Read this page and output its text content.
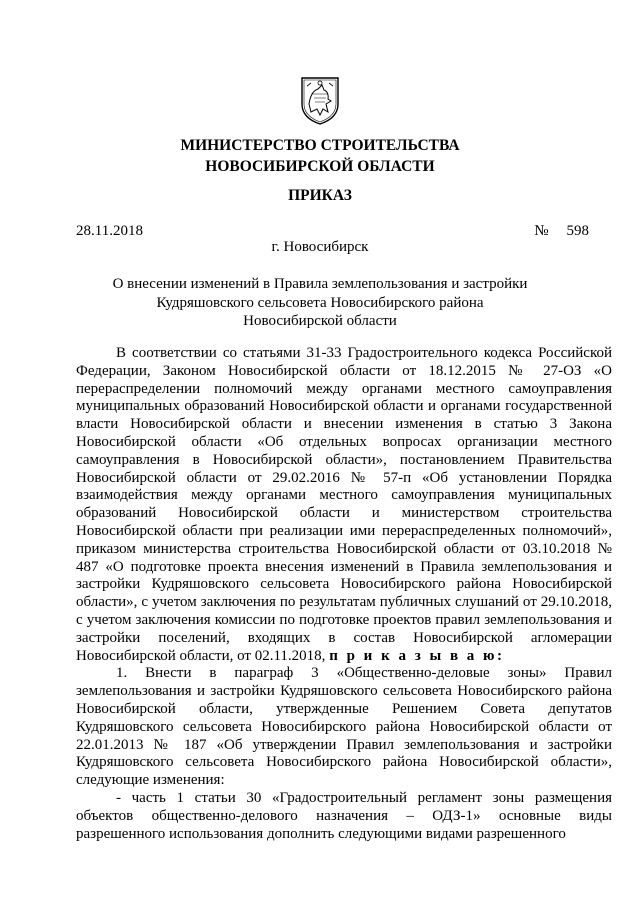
МИНИСТЕРСТВО СТРОИТЕЛЬСТВА
НОВОСИБИРСКОЙ ОБЛАСТИ
ПРИКАЗ
28.11.2018	№ 598
г. Новосибирск
О внесении изменений в Правила землепользования и застройки
Кудряшовского сельсовета Новосибирского района
Новосибирской области

В соответствии со статьями 31-33 Градостроительного кодекса Российской Федерации, Законом Новосибирской области от 18.12.2015 № 27-ОЗ «О перераспределении полномочий между органами местного самоуправления муниципальных образований Новосибирской области и органами государственной власти Новосибирской области и внесении изменения в статью 3 Закона Новосибирской области «Об отдельных вопросах организации местного самоуправления в Новосибирской области», постановлением Правительства Новосибирской области от 29.02.2016 № 57-п «Об установлении Порядка взаимодействия между органами местного самоуправления муниципальных образований Новосибирской области и министерством строительства Новосибирской области при реализации ими перераспределенных полномочий», приказом министерства строительства Новосибирской области от 03.10.2018 № 487 «О подготовке проекта внесения изменений в Правила землепользования и застройки Кудряшовского сельсовета Новосибирского района Новосибирской области», с учетом заключения по результатам публичных слушаний от 29.10.2018, с учетом заключения комиссии по подготовке проектов правил землепользования и застройки поселений, входящих в состав Новосибирской агломерации Новосибирской области, от 02.11.2018, п р и к а з ы в а ю:

1. Внести в параграф 3 «Общественно-деловые зоны» Правил землепользования и застройки Кудряшовского сельсовета Новосибирского района Новосибирской области, утвержденные Решением Совета депутатов Кудряшовского сельсовета Новосибирского района Новосибирской области от 22.01.2013 № 187 «Об утверждении Правил землепользования и застройки Кудряшовского сельсовета Новосибирского района Новосибирской области», следующие изменения:

- часть 1 статьи 30 «Градостроительный регламент зоны размещения объектов общественно-делового назначения – ОДЗ-1» основные виды разрешенного использования дополнить следующими видами разрешенного
